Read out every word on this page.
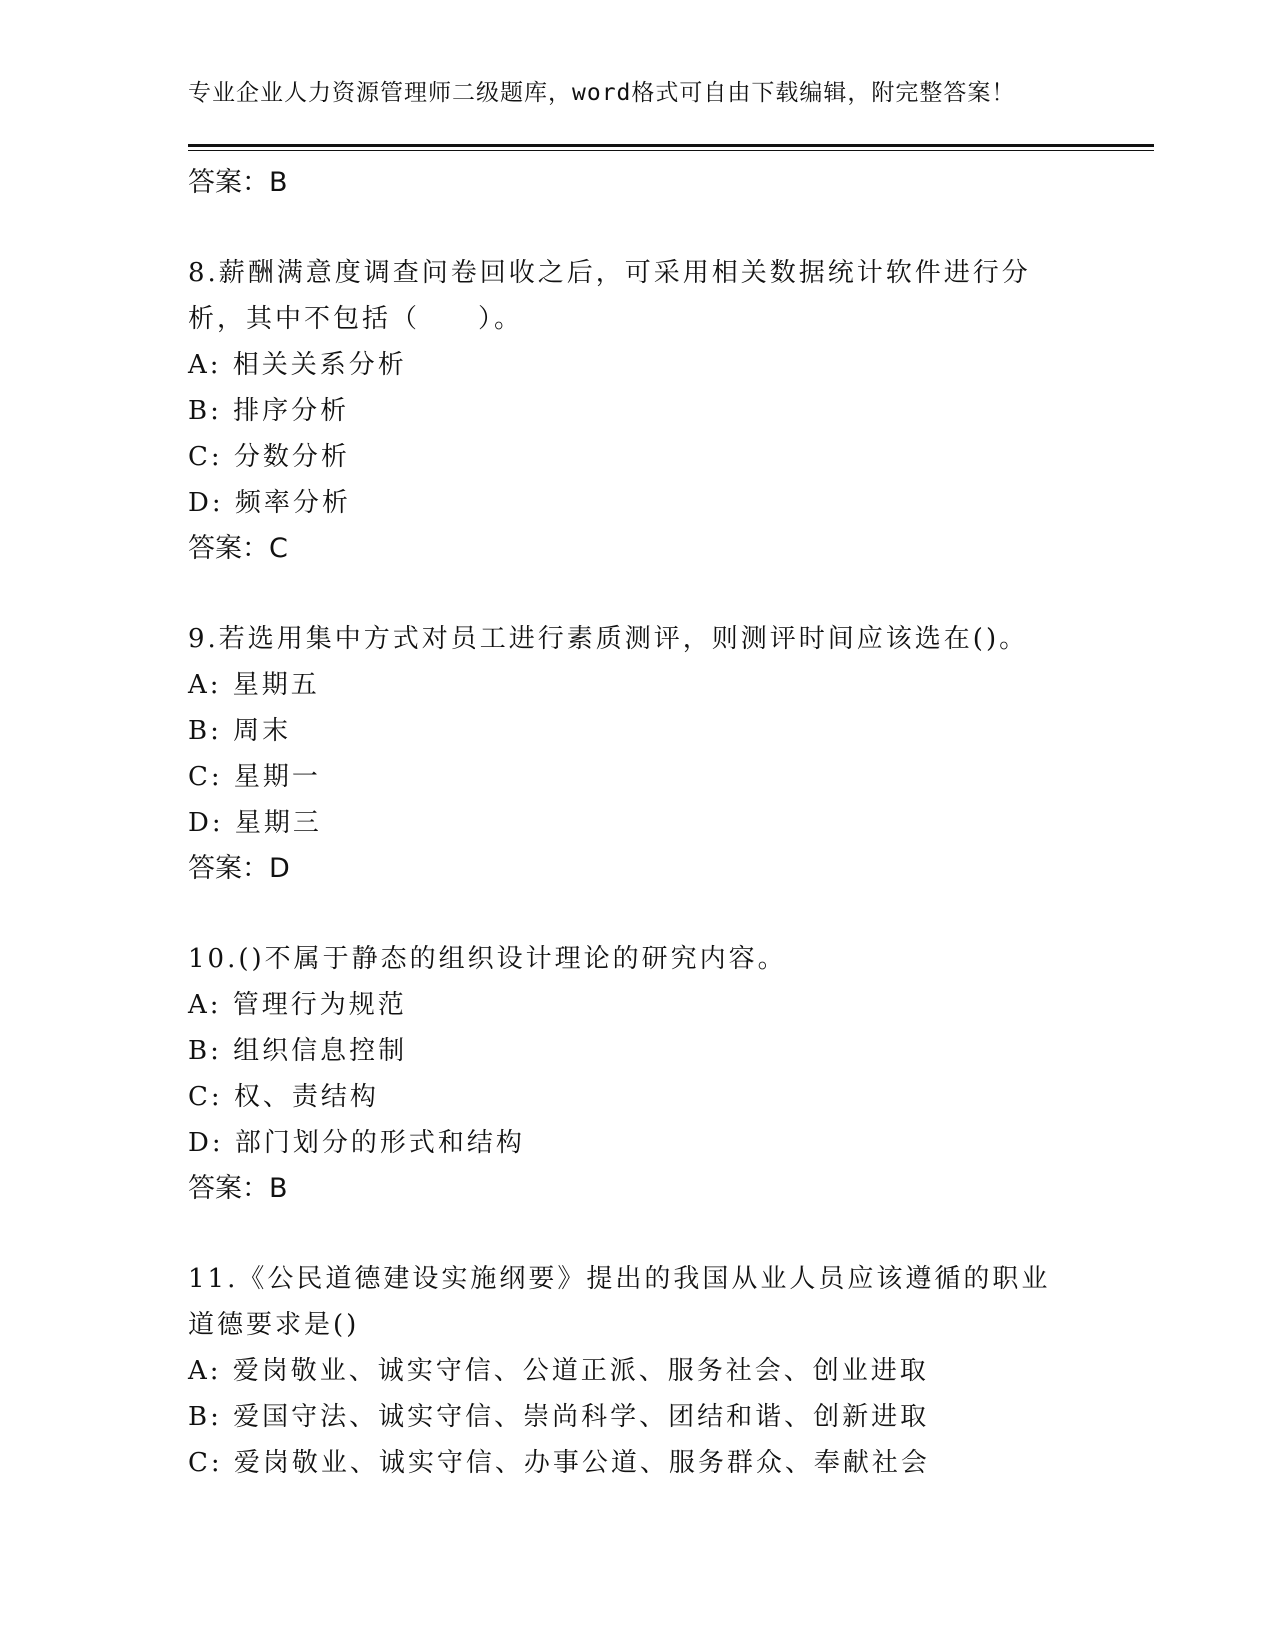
专业企业人力资源管理师二级题库，word格式可自由下载编辑，附完整答案！
答案：B
8.薪酬满意度调查问卷回收之后，可采用相关数据统计软件进行分析，其中不包括（　　）。
A: 相关关系分析
B: 排序分析
C: 分数分析
D: 频率分析
答案：C
9.若选用集中方式对员工进行素质测评，则测评时间应该选在()。
A: 星期五
B: 周末
C: 星期一
D: 星期三
答案：D
10.()不属于静态的组织设计理论的研究内容。
A: 管理行为规范
B: 组织信息控制
C: 权、责结构
D: 部门划分的形式和结构
答案：B
11.《公民道德建设实施纲要》提出的我国从业人员应该遵循的职业道德要求是()
A: 爱岗敬业、诚实守信、公道正派、服务社会、创业进取
B: 爱国守法、诚实守信、崇尚科学、团结和谐、创新进取
C: 爱岗敬业、诚实守信、办事公道、服务群众、奉献社会
